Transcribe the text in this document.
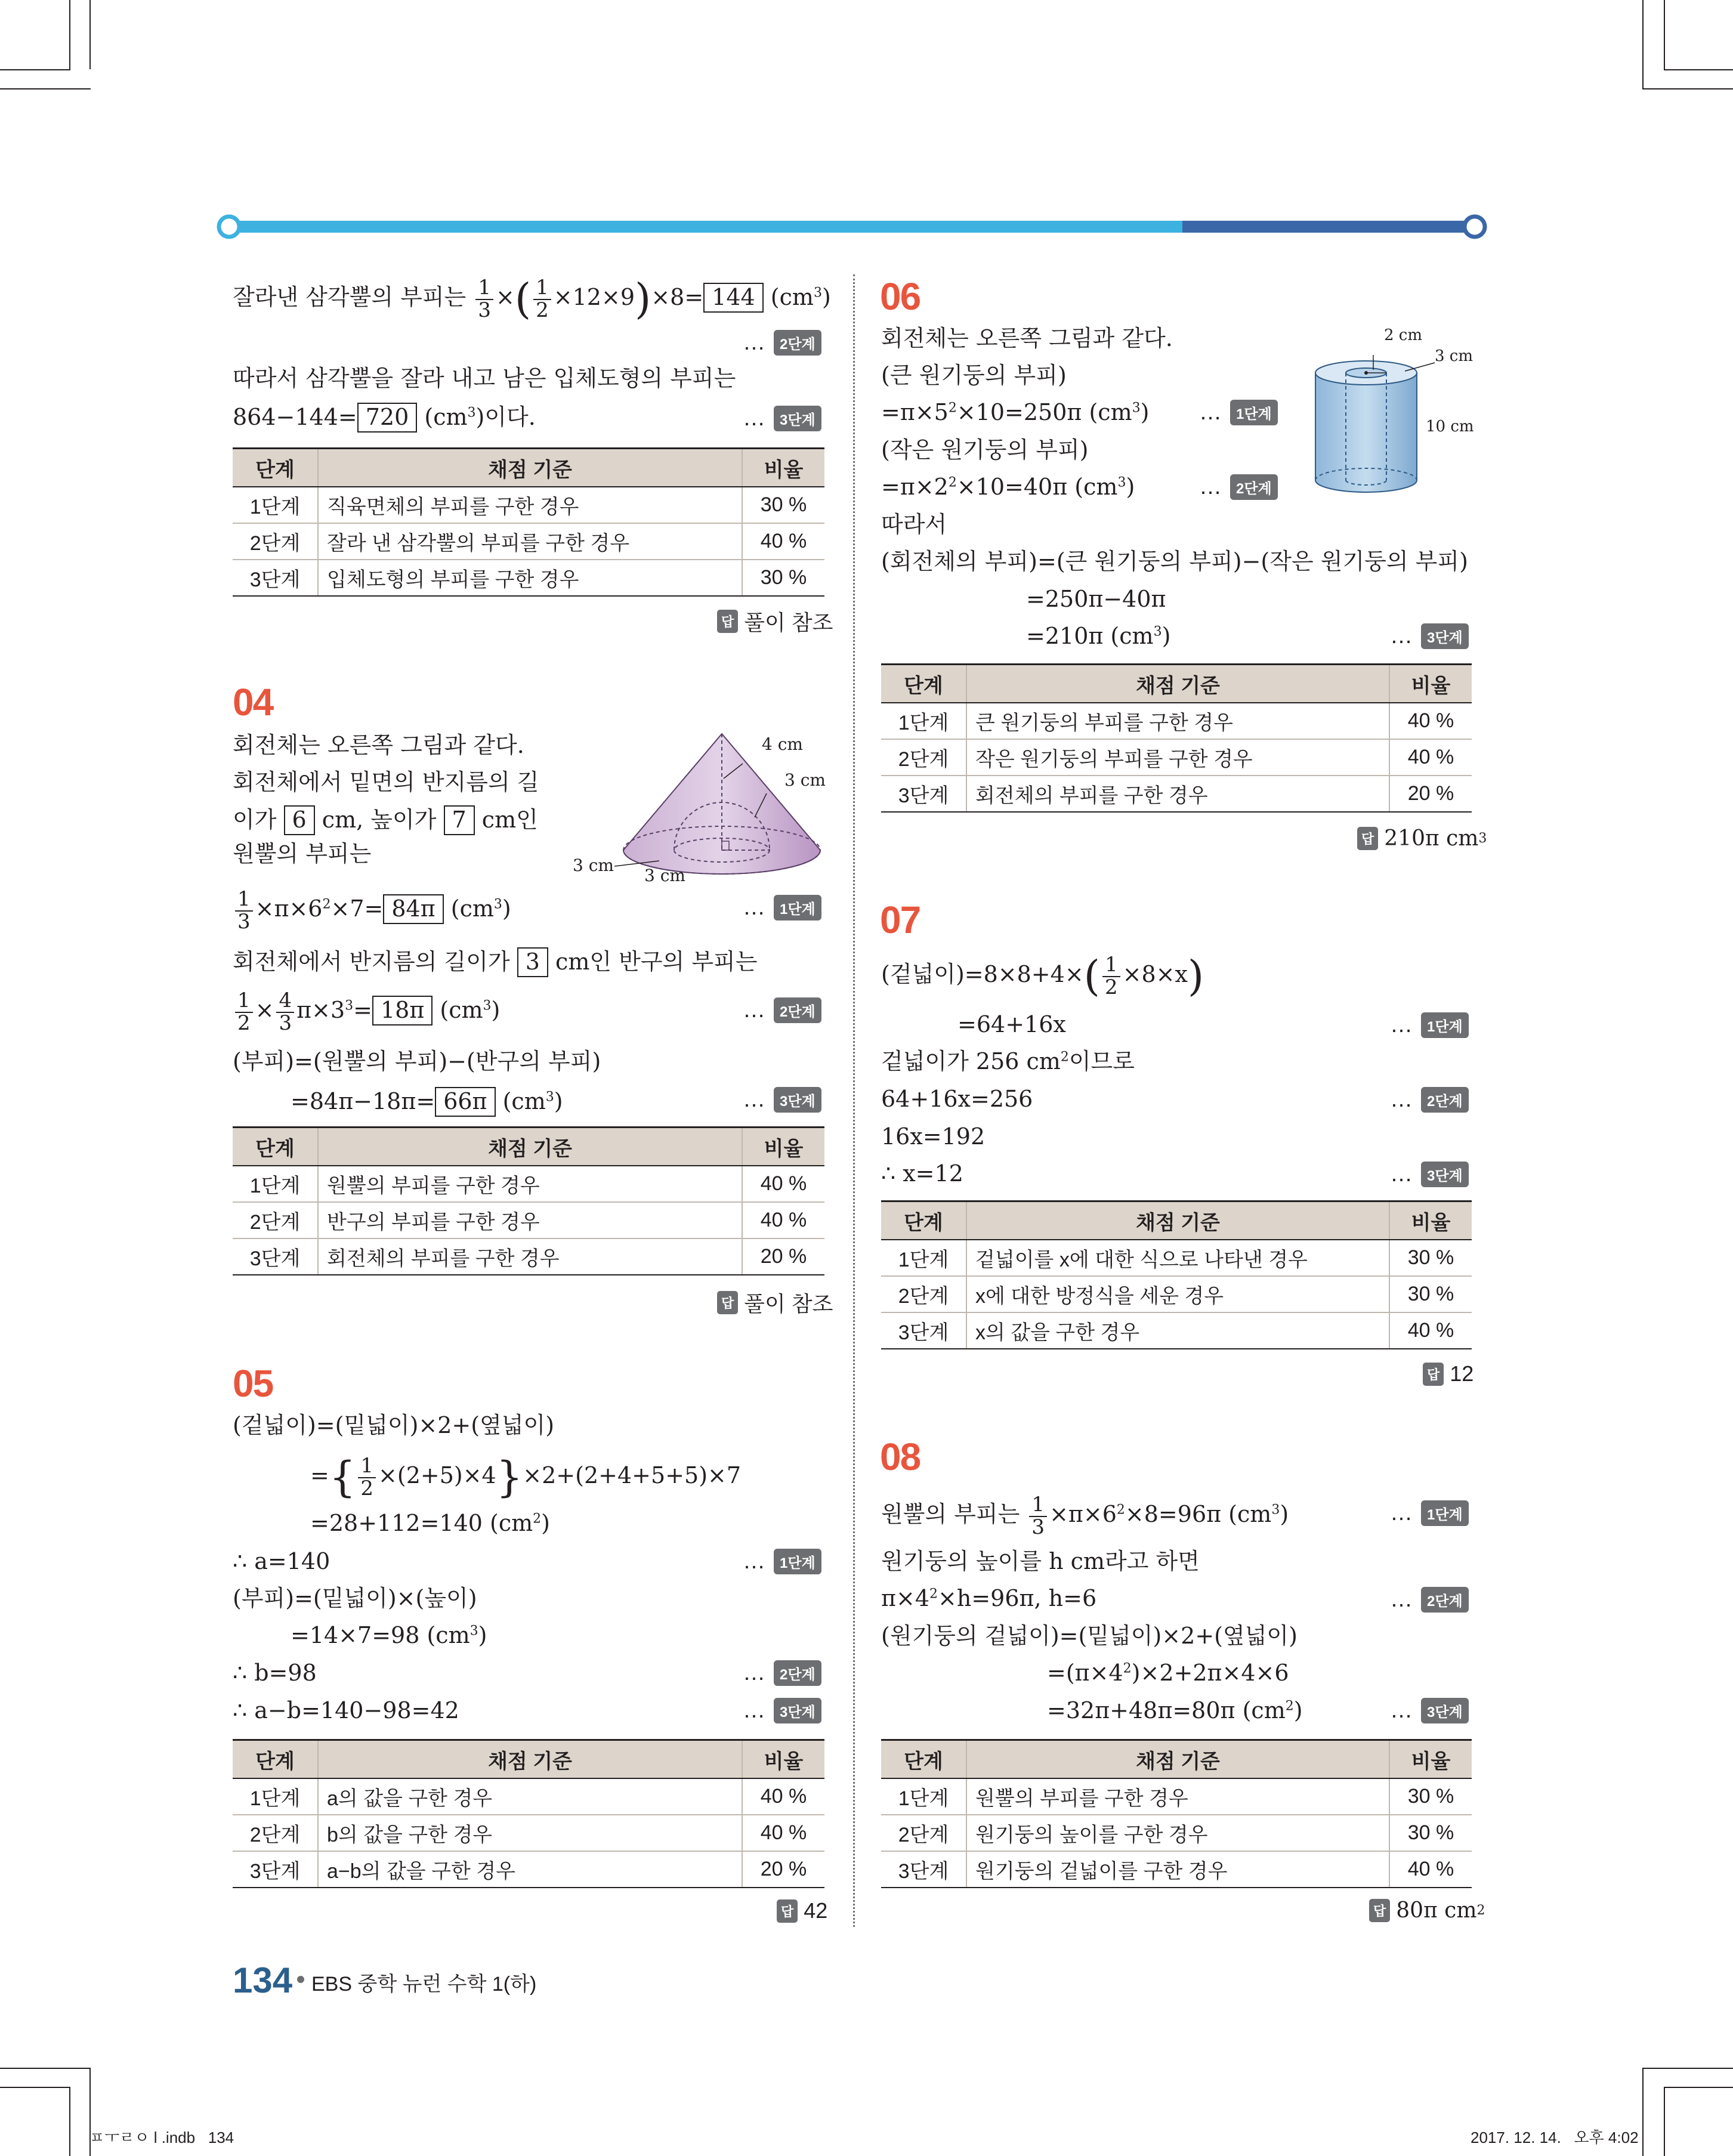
잘라낸 삼각뿔의 부피는 $\frac{1}{3}$ ×( $\frac{1}{2} \times 12\times 9)\times 8= 144$ $(cm^3)$
… 2단계
따라서 삼각뿔을 잘라 내고 남은 입체도형의 부피는
864−144= 720 $(cm^3)$이다.	… 3단계
단계	채점 기준	비율
1단계	직육면체의 부피를 구한 경우	30 %
2단계	잘라 낸 삼각뿔의 부피를 구한 경우	40 %
3단계	입체도형의 부피를 구한 경우	30 %
답 풀이 참조
04
회전체는 오른쪽 그림과 같다.
회전체에서 밑면의 반지름의 길
이가 6 cm, 높이가 7 cm인
원뿔의 부피는
4 cm
3 cm
3 cm
3 cm
$\frac{1}{3} \times\pi\times 6^2\times 7= 84\pi$ $(cm^3)$	… 1단계
회전체에서 반지름의 길이가 3 cm인 반구의 부피는
$\frac{1}{2} \times \frac{4}{3} \pi\times 3^3= 18\pi$ $(cm^3)$	… 2단계
(부피)=(원뿔의 부피)−(반구의 부피)
=84π−18π= 66π $(cm^3)$	… 3단계
단계	채점 기준	비율
1단계	원뿔의 부피를 구한 경우	40 %
2단계	반구의 부피를 구한 경우	40 %
3단계	회전체의 부피를 구한 경우	20 %
답 풀이 참조
05
(겉넓이)=(밑넓이)×2+(옆넓이)
={ $\frac{1}{2} \times(2+5)\times 4\}\times 2+(2+4+5+5)\times 7$
=28+112=140 $(cm^2)$
∴ a=140	… 1단계
(부피)=(밑넓이)×(높이)
=14×7=98 $(cm^3)$
∴ b=98	… 2단계
∴ a−b=140−98=42	… 3단계
단계	채점 기준	비율
1단계	a의 값을 구한 경우	40 %
2단계	b의 값을 구한 경우	40 %
3단계	a−b의 값을 구한 경우	20 %
답 42
06
회전체는 오른쪽 그림과 같다.
(큰 원기둥의 부피)
$=\pi\times 5^2\times 10=250\pi$ $(cm^3)$ … 1단계
(작은 원기둥의 부피)
$=\pi\times 2^2\times 10=40\pi$ $(cm^3)$	… 2단계
따라서
(회전체의 부피)=(큰 원기둥의 부피)−(작은 원기둥의 부피)
=250π−40π
=210π $(cm^3)$	… 3단계
2 cm
3 cm
10 cm
단계	채점 기준	비율
1단계	큰 원기둥의 부피를 구한 경우	40 %
2단계	작은 원기둥의 부피를 구한 경우	40 %
3단계	회전체의 부피를 구한 경우	20 %
답 210π cm 3
07
(겉넓이)$=8\times 8+4\times( \frac{1}{2} \times 8\times x)$
=64+16x	… 1단계
겉넓이가 256 $cm^2$이므로
64+16x=256	… 2단계
16x=192
∴ x=12	… 3단계
단계	채점 기준	비율
1단계	겉넓이를 x에 대한 식으로 나타낸 경우	30 %
2단계	x에 대한 방정식을 세운 경우	30 %
3단계	x의 값을 구한 경우	40 %
답 12
08
원뿔의 부피는 $\frac{1}{3} \times\pi\times 6^2\times 8=96\pi$ $(cm^3)$	… 1단계
원기둥의 높이를 h cm라고 하면
$\pi\times 4^2\times h=96\pi$, h=6	… 2단계
(원기둥의 겉넓이)=(밑넓이)×2+(옆넓이)
$=(\pi\times 4^2)\times 2+2\pi\times 4\times 6$
=32π+48π=80π $(cm^2)$	… 3단계
단계	채점 기준	비율
1단계	원뿔의 부피를 구한 경우	30 %
2단계	원기둥의 높이를 구한 경우	30 %
3단계	원기둥의 겉넓이를 구한 경우	40 %
답 80π cm 2
134 EBS 중학 뉴런 수학 1(하)
ㅍㅜㄹㅇ l .indb   134	2017. 12. 14.   오후 4:02
